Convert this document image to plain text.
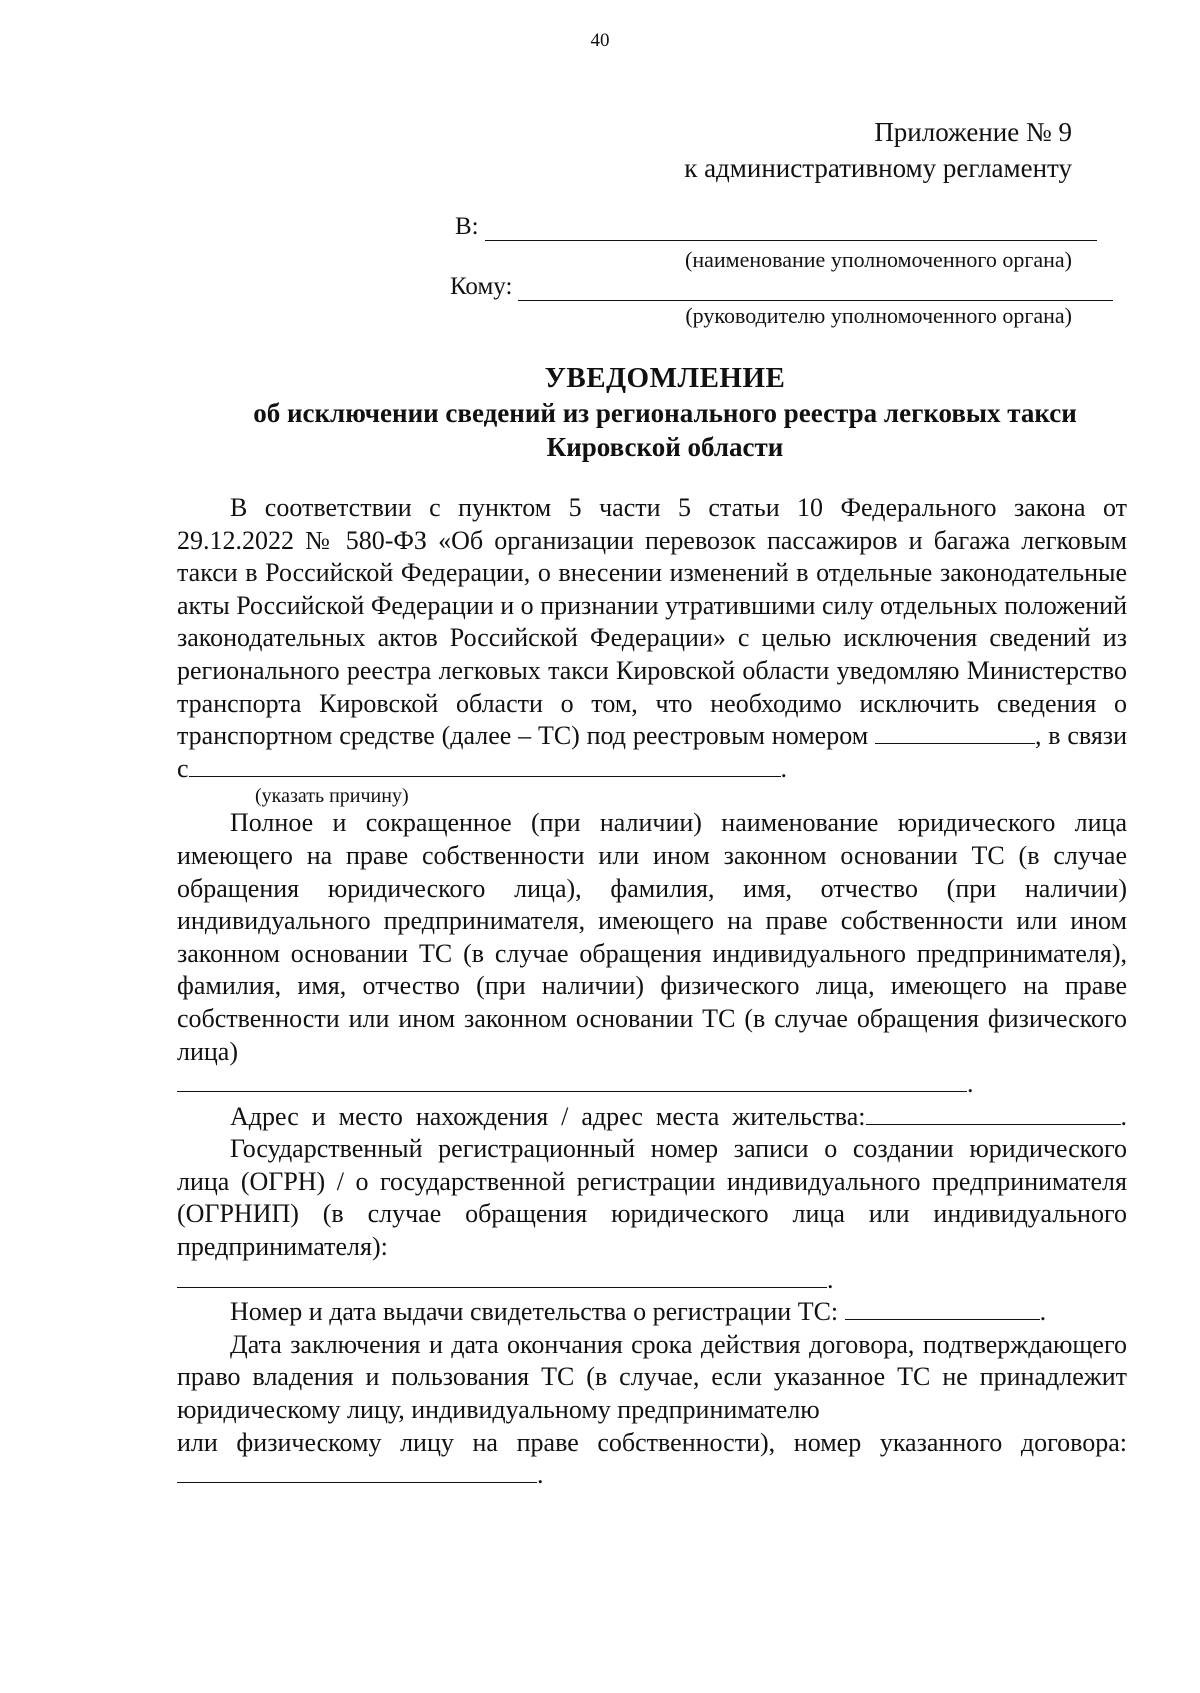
40
Приложение № 9
к административному регламенту
В:
(наименование уполномоченного органа)
Кому:
(руководителю уполномоченного органа)
УВЕДОМЛЕНИЕ
об исключении сведений из регионального реестра легковых такси
Кировской области
В соответствии с пунктом 5 части 5 статьи 10 Федерального закона от 29.12.2022 № 580-ФЗ «Об организации перевозок пассажиров и багажа легковым такси в Российской Федерации, о внесении изменений в отдельные законодательные акты Российской Федерации и о признании утратившими силу отдельных положений законодательных актов Российской Федерации» с целью исключения сведений из регионального реестра легковых такси Кировской области уведомляю Министерство транспорта Кировской области о том, что необходимо исключить сведения о транспортном средстве (далее – ТС) под реестровым номером	, в связи
с	.
(указать причину)
Полное и сокращенное (при наличии) наименование юридического лица имеющего на праве собственности или ином законном основании ТС (в случае обращения юридического лица), фамилия, имя, отчество (при наличии) индивидуального предпринимателя, имеющего на праве собственности или ином законном основании ТС (в случае обращения индивидуального предпринимателя), фамилия, имя, отчество (при наличии) физического лица, имеющего на праве собственности или ином законном основании ТС (в случае обращения физического лица)
.
Адрес и место нахождения / адрес места жительства:	.
Государственный регистрационный номер записи о создании юридического лица (ОГРН) / о государственной регистрации индивидуального предпринимателя (ОГРНИП) (в случае обращения юридического лица или индивидуального предпринимателя):
.
Номер и дата выдачи свидетельства о регистрации ТС:	.
Дата заключения и дата окончания срока действия договора, подтверждающего право владения и пользования ТС (в случае, если указанное ТС не принадлежит юридическому лицу, индивидуальному предпринимателю
или физическому лицу на праве собственности), номер указанного договора:
.
